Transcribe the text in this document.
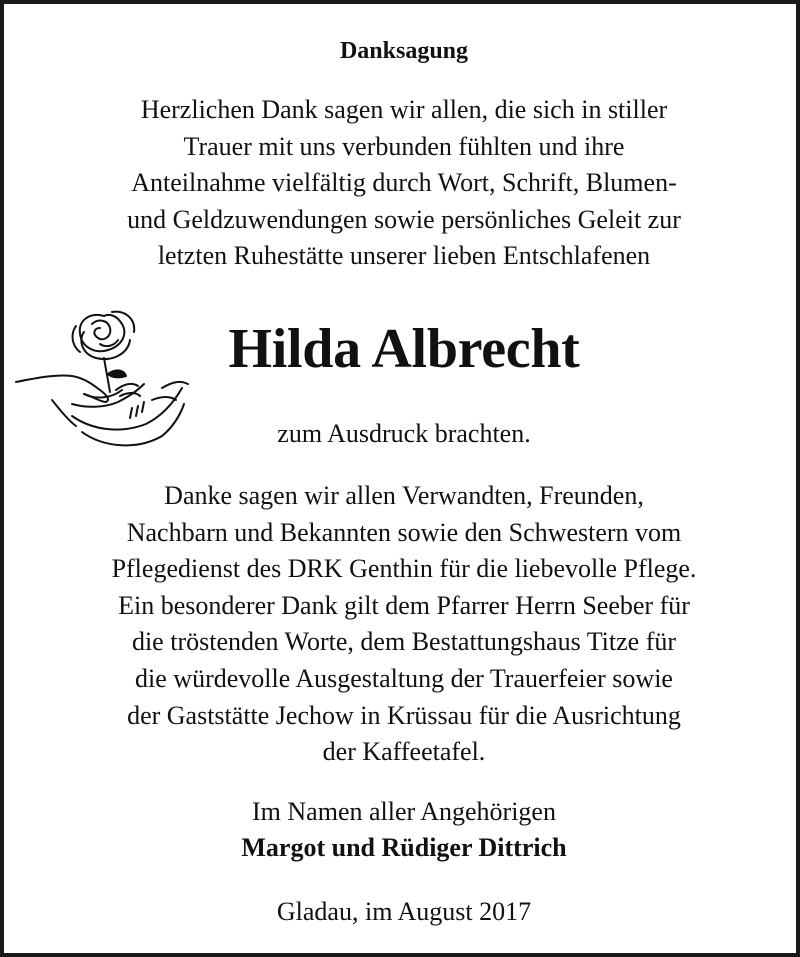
Danksagung
Herzlichen Dank sagen wir allen, die sich in stiller
Trauer mit uns verbunden fühlten und ihre
Anteilnahme vielfältig durch Wort, Schrift, Blumen-
und Geldzuwendungen sowie persönliches Geleit zur
letzten Ruhestätte unserer lieben Entschlafenen
Hilda Albrecht
zum Ausdruck brachten.
Danke sagen wir allen Verwandten, Freunden,
Nachbarn und Bekannten sowie den Schwestern vom
Pflegedienst des DRK Genthin für die liebevolle Pflege.
Ein besonderer Dank gilt dem Pfarrer Herrn Seeber für
die tröstenden Worte, dem Bestattungshaus Titze für
die würdevolle Ausgestaltung der Trauerfeier sowie
der Gaststätte Jechow in Krüssau für die Ausrichtung
der Kaffeetafel.
Im Namen aller Angehörigen
Margot und Rüdiger Dittrich
Gladau, im August 2017
